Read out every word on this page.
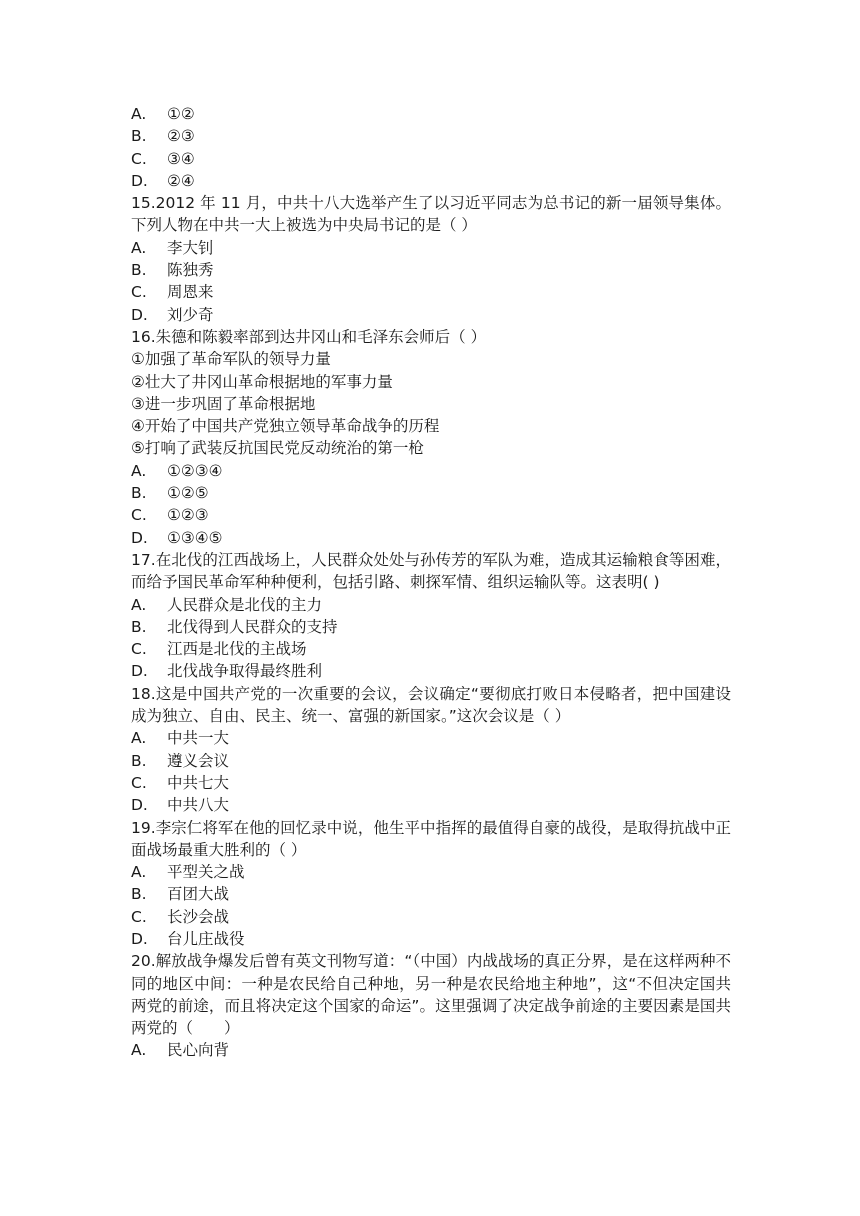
A. ①②
B. ②③
C. ③④
D. ②④
15.2012 年 11 月，中共十八大选举产生了以习近平同志为总书记的新一届领导集体。下列人物在中共一大上被选为中央局书记的是（ ）
A. 李大钊
B. 陈独秀
C. 周恩来
D. 刘少奇
16.朱德和陈毅率部到达井冈山和毛泽东会师后（ ）
①加强了革命军队的领导力量
②壮大了井冈山革命根据地的军事力量
③进一步巩固了革命根据地
④开始了中国共产党独立领导革命战争的历程
⑤打响了武装反抗国民党反动统治的第一枪
A. ①②③④
B. ①②⑤
C. ①②③
D. ①③④⑤
17.在北伐的江西战场上，人民群众处处与孙传芳的军队为难，造成其运输粮食等困难，而给予国民革命军种种便利，包括引路、刺探军情、组织运输队等。这表明( )
A. 人民群众是北伐的主力
B. 北伐得到人民群众的支持
C. 江西是北伐的主战场
D. 北伐战争取得最终胜利
18.这是中国共产党的一次重要的会议，会议确定“要彻底打败日本侵略者，把中国建设成为独立、自由、民主、统一、富强的新国家。”这次会议是（ ）
A. 中共一大
B. 遵义会议
C. 中共七大
D. 中共八大
19.李宗仁将军在他的回忆录中说，他生平中指挥的最值得自豪的战役，是取得抗战中正面战场最重大胜利的（ ）
A. 平型关之战
B. 百团大战
C. 长沙会战
D. 台儿庄战役
20.解放战争爆发后曾有英文刊物写道：“（中国）内战战场的真正分界，是在这样两种不同的地区中间：一种是农民给自己种地，另一种是农民给地主种地”，这“不但决定国共两党的前途，而且将决定这个国家的命运”。这里强调了决定战争前途的主要因素是国共两党的（　　）
A. 民心向背
